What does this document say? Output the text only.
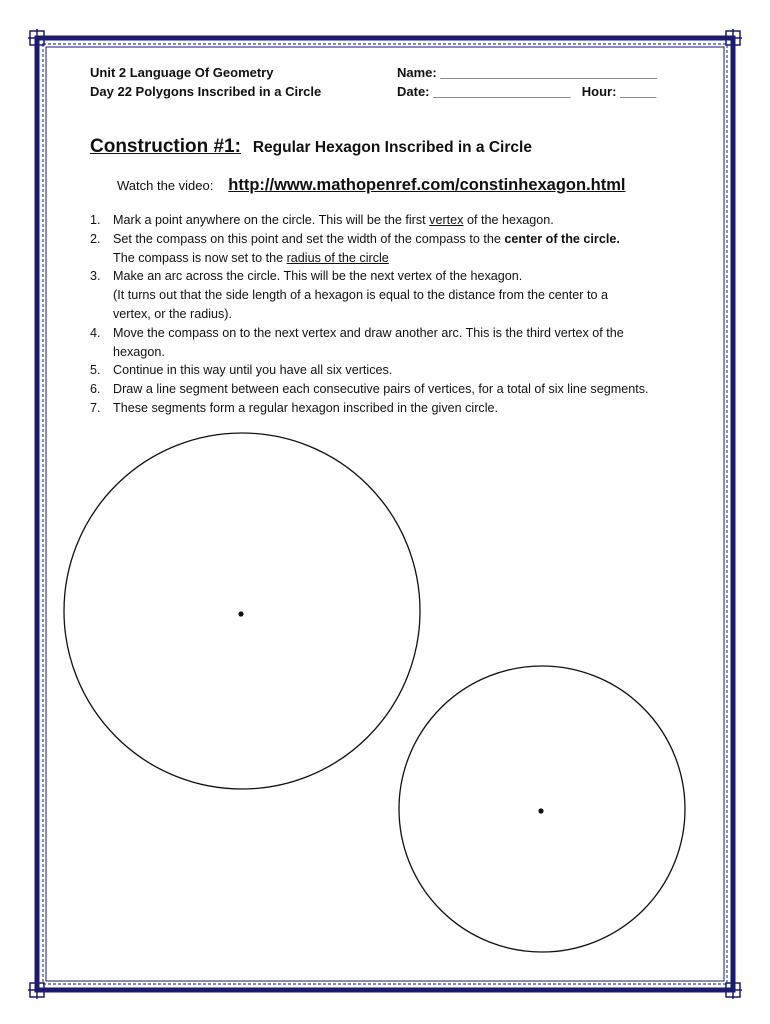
Unit 2 Language Of Geometry
Day 22 Polygons Inscribed in a Circle
Name: ______________________________
Date: ___________________ Hour: _____
Construction #1: Regular Hexagon Inscribed in a Circle
Watch the video: http://www.mathopenref.com/constinhexagon.html
1. Mark a point anywhere on the circle. This will be the first vertex of the hexagon.
2. Set the compass on this point and set the width of the compass to the center of the circle.
The compass is now set to the radius of the circle
3. Make an arc across the circle. This will be the next vertex of the hexagon.
(It turns out that the side length of a hexagon is equal to the distance from the center to a
vertex, or the radius).
4. Move the compass on to the next vertex and draw another arc. This is the third vertex of the
hexagon.
5. Continue in this way until you have all six vertices.
6. Draw a line segment between each consecutive pairs of vertices, for a total of six line segments.
7. These segments form a regular hexagon inscribed in the given circle.
